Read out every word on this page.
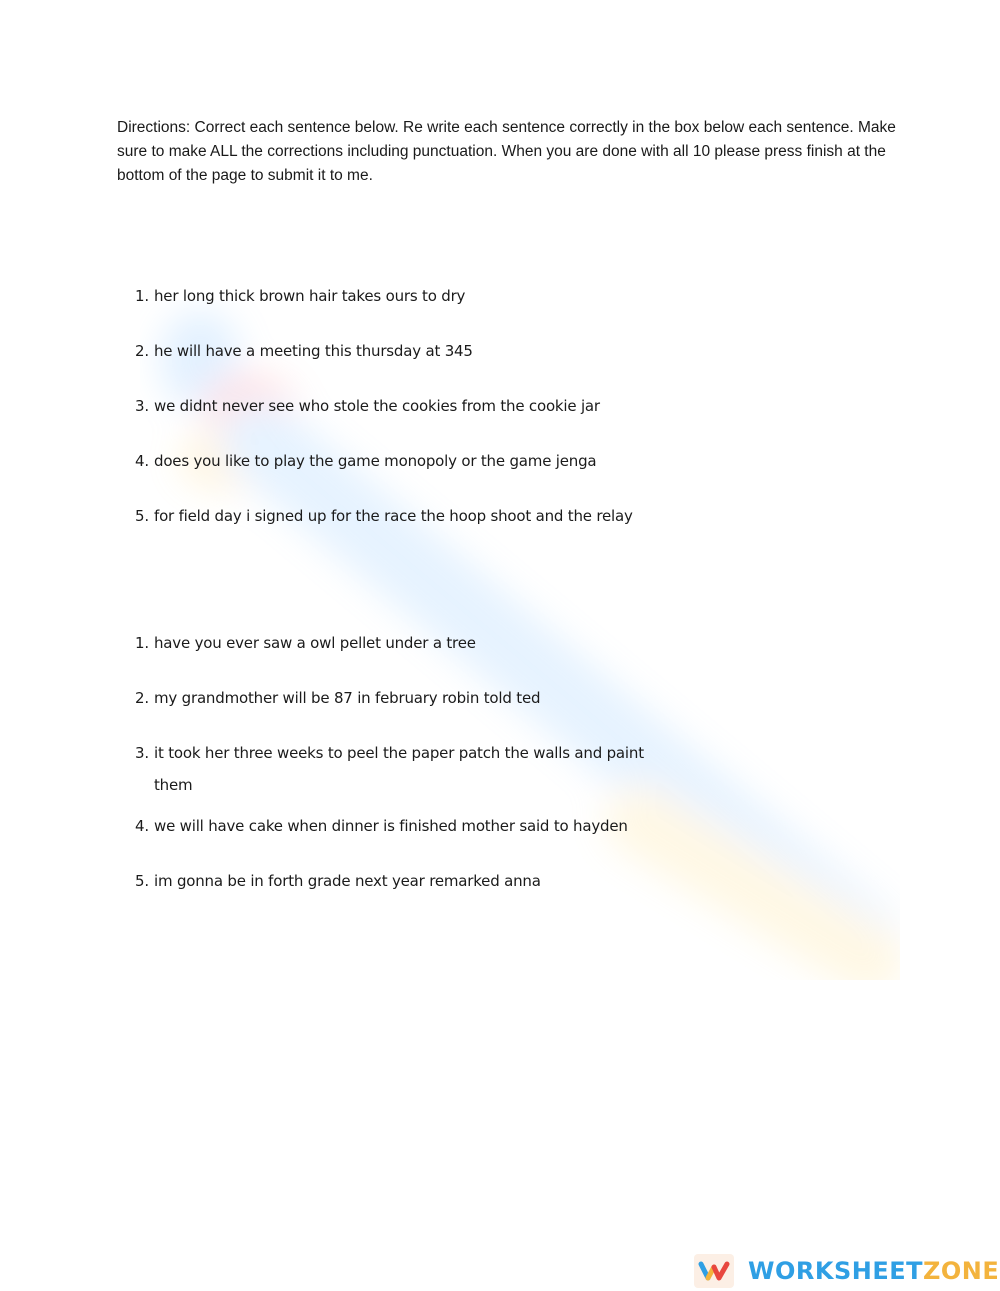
Directions: Correct each sentence below. Re write each sentence correctly in the box below each sentence. Make sure to make ALL the corrections including punctuation. When you are done with all 10 please press finish at the bottom of the page to submit it to me.
1. her long thick brown hair takes ours to dry
2. he will have a meeting this thursday at 345
3. we didnt never see who stole the cookies from the cookie jar
4. does you like to play the game monopoly or the game jenga
5. for field day i signed up for the race the hoop shoot and the relay
1. have you ever saw a owl pellet under a tree
2. my grandmother will be 87 in february robin told ted
3. it took her three weeks to peel the paper patch the walls and paint
them
4. we will have cake when dinner is finished mother said to hayden
5. im gonna be in forth grade next year remarked anna
WORKSHEETZONE
